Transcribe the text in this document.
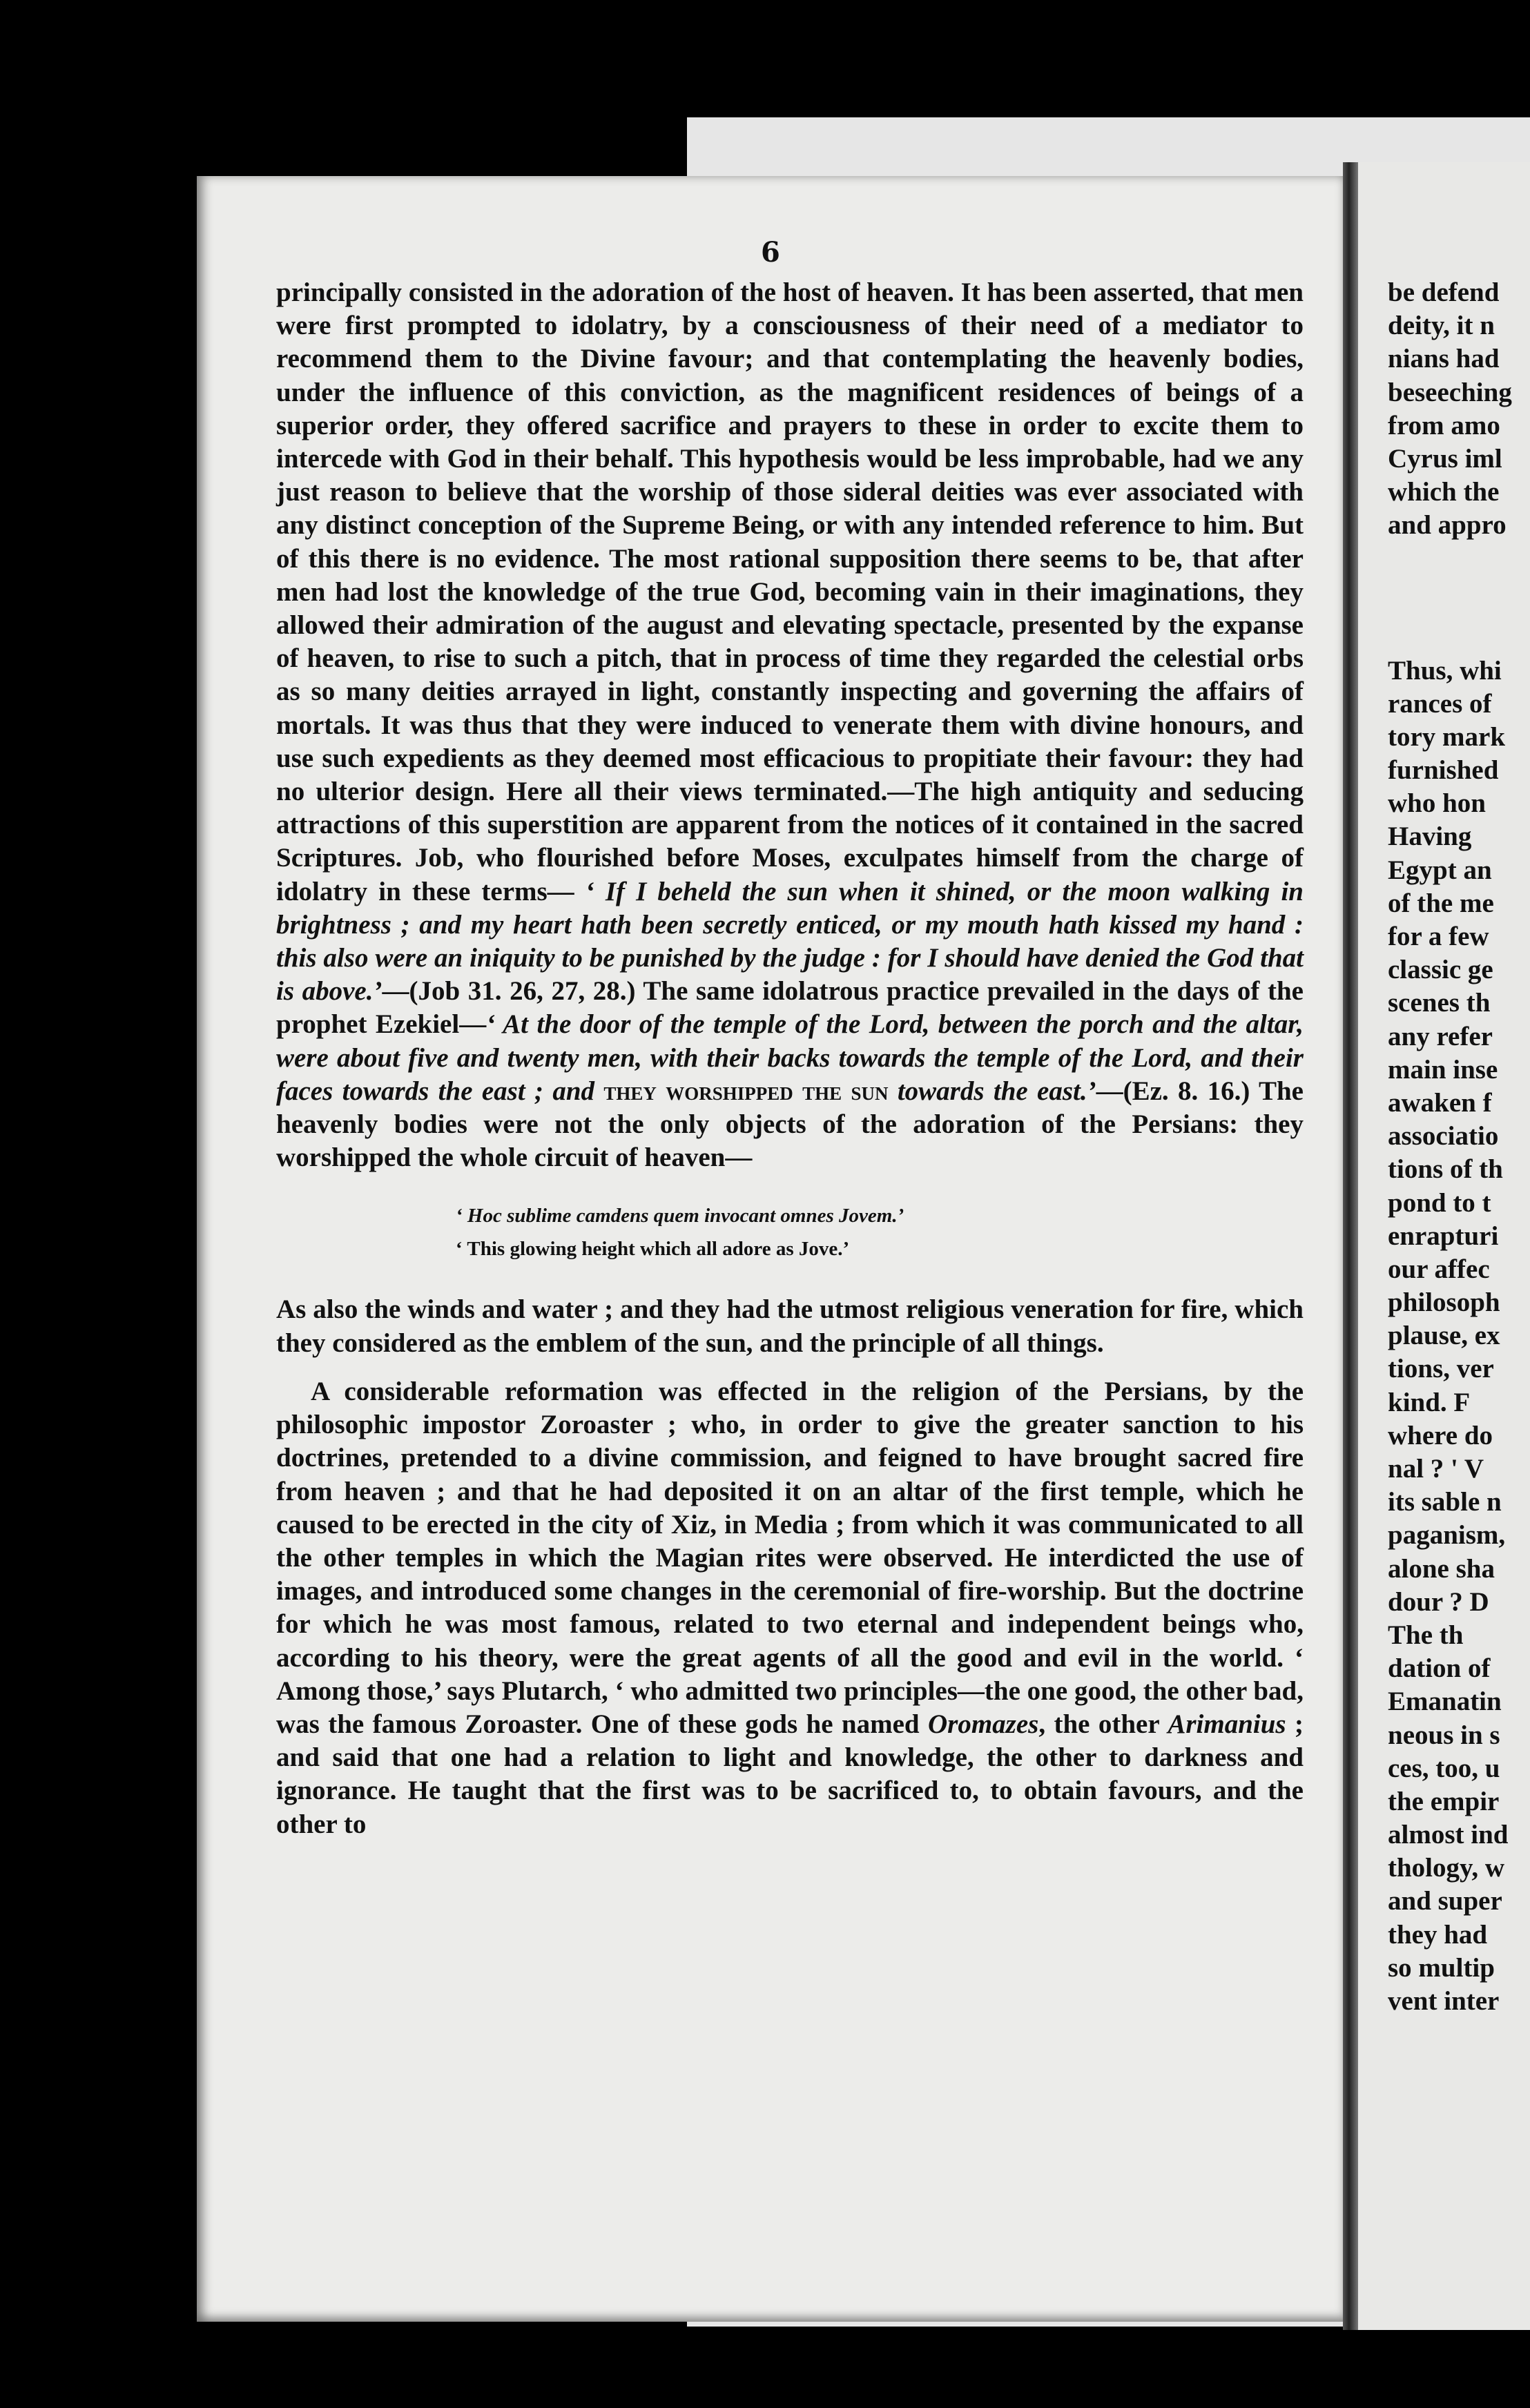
6

principally consisted in the adoration of the host of heaven. It has been asserted, that men were first prompted to idolatry, by a consciousness of their need of a mediator to recommend them to the Divine favour; and that contemplating the heavenly bodies, under the influence of this conviction, as the magnificent residences of beings of a superior order, they offered sacrifice and prayers to these in order to excite them to intercede with God in their behalf. This hypothesis would be less improbable, had we any just reason to believe that the worship of those sideral deities was ever associated with any distinct conception of the Supreme Being, or with any intended reference to him. But of this there is no evidence. The most rational supposition there seems to be, that after men had lost the knowledge of the true God, becoming vain in their imaginations, they allowed their admiration of the august and elevating spectacle, presented by the expanse of heaven, to rise to such a pitch, that in process of time they regarded the celestial orbs as so many deities arrayed in light, constantly inspecting and governing the affairs of mortals. It was thus that they were induced to venerate them with divine honours, and use such expedients as they deemed most efficacious to propitiate their favour: they had no ulterior design. Here all their views terminated.—The high antiquity and seducing attractions of this superstition are apparent from the notices of it contained in the sacred Scriptures. Job, who flourished before Moses, exculpates himself from the charge of idolatry in these terms— ‘ If I beheld the sun when it shined, or the moon walking in brightness ; and my heart hath been secretly enticed, or my mouth hath kissed my hand : this also were an iniquity to be punished by the judge : for I should have denied the God that is above.’—(Job 31. 26, 27, 28.) The same idolatrous practice prevailed in the days of the prophet Ezekiel—‘ At the door of the temple of the Lord, between the porch and the altar, were about five and twenty men, with their backs towards the temple of the Lord, and their faces towards the east ; and they worshipped the sun towards the east.’—(Ez. 8. 16.) The heavenly bodies were not the only objects of the adoration of the Persians: they worshipped the whole circuit of heaven—

‘ Hoc sublime camdens quem invocant omnes Jovem.’
‘ This glowing height which all adore as Jove.’

As also the winds and water ; and they had the utmost religious veneration for fire, which they considered as the emblem of the sun, and the principle of all things.

A considerable reformation was effected in the religion of the Persians, by the philosophic impostor Zoroaster ; who, in order to give the greater sanction to his doctrines, pretended to a divine commission, and feigned to have brought sacred fire from heaven ; and that he had deposited it on an altar of the first temple, which he caused to be erected in the city of Xiz, in Media ; from which it was communicated to all the other temples in which the Magian rites were observed. He interdicted the use of images, and introduced some changes in the ceremonial of fire-worship. But the doctrine for which he was most famous, related to two eternal and independent beings who, according to his theory, were the great agents of all the good and evil in the world. ‘ Among those,’ says Plutarch, ‘ who admitted two principles—the one good, the other bad, was the famous Zoroaster. One of these gods he named Oromazes, the other Arimanius ; and said that one had a relation to light and knowledge, the other to darkness and ignorance. He taught that the first was to be sacrificed to, to obtain favours, and the other to

be defend
deity, it n
nians had
beseeching
from amo
Cyrus iml
which the
and appro
Thus, whi
rances of
tory mark
furnished
who hon
Having
Egypt an
of the me
for a few
classic ge
scenes th
any refer
main inse
awaken f
associatio
tions of th
pond to t
enrapturi
our affec
philosoph
plause, ex
tions, ver
kind. F
where do
nal ? ' V
its sable n
paganism,
alone sha
dour ? D
The th
dation of
Emanatin
neous in s
ces, too, u
the empir
almost ind
thology, w
and super
they had
so multip
vent inter
